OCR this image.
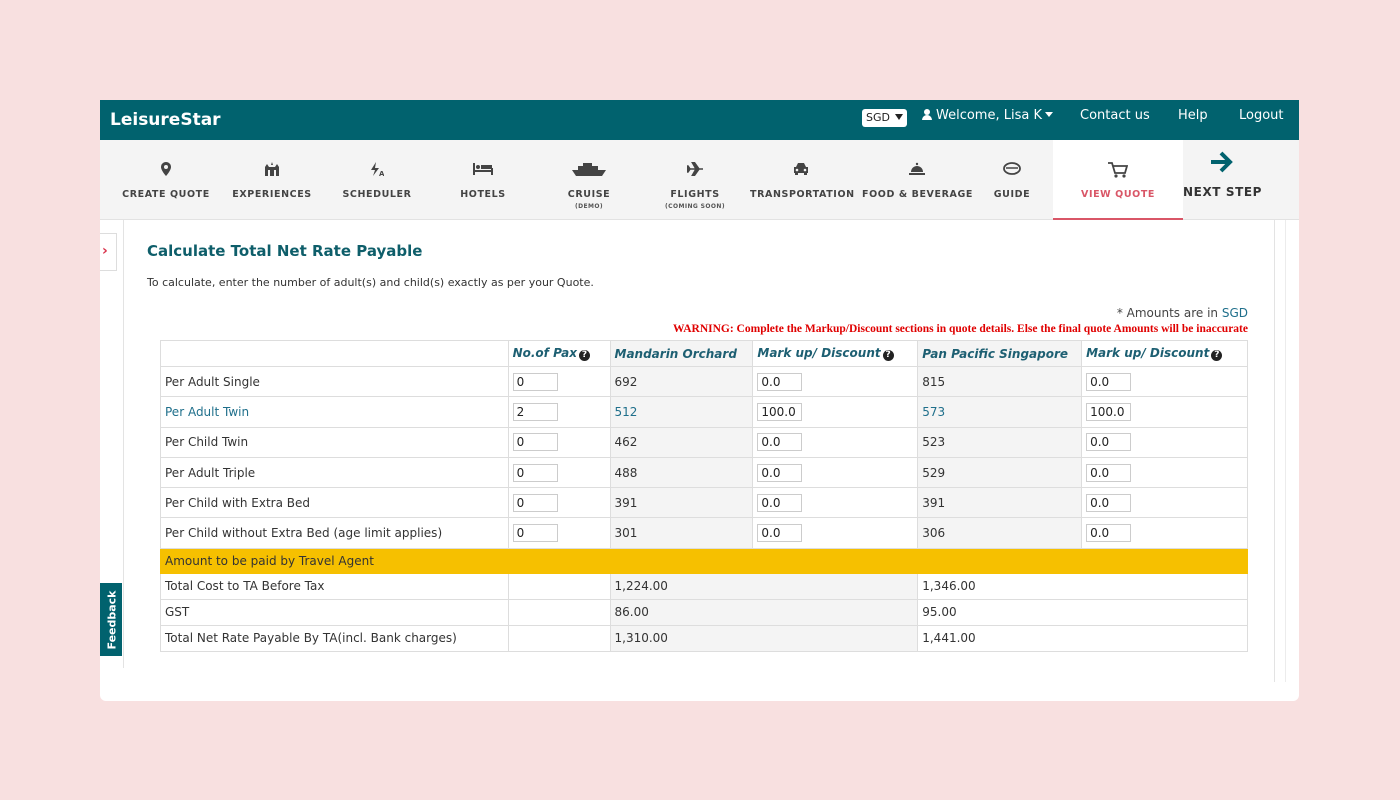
LeisureStar	SGD	Welcome, Lisa K	Contact us Help Logout
CREATE QUOTE	EXPERIENCES
A
SCHEDULER	HOTELS	CRUISE
(DEMO)
FLIGHTS
(COMING SOON)
TRANSPORTATION FOOD & BEVERAGE	GUIDE	VIEW QUOTE	NEXT STEP
›
Feedback
Calculate Total Net Rate Payable
To calculate, enter the number of adult(s) and child(s) exactly as per your Quote.
* Amounts are in SGD
WARNING: Complete the Markup/Discount sections in quote details. Else the final quote Amounts will be inaccurate
	No.of Pax ?	Mandarin Orchard	Mark up/ Discount ?	Pan Pacific Singapore	Mark up/ Discount ?
Per Adult Single	0	692	0.0	815	0.0
Per Adult Twin	2	512	100.0	573	100.0
Per Child Twin	0	462	0.0	523	0.0
Per Adult Triple	0	488	0.0	529	0.0
Per Child with Extra Bed	0	391	0.0	391	0.0
Per Child without Extra Bed (age limit applies)	0	301	0.0	306	0.0
Amount to be paid by Travel Agent					
Total Cost to TA Before Tax		1,224.00		1,346.00	
GST		86.00		95.00	
Total Net Rate Payable By TA(incl. Bank charges)		1,310.00		1,441.00	
